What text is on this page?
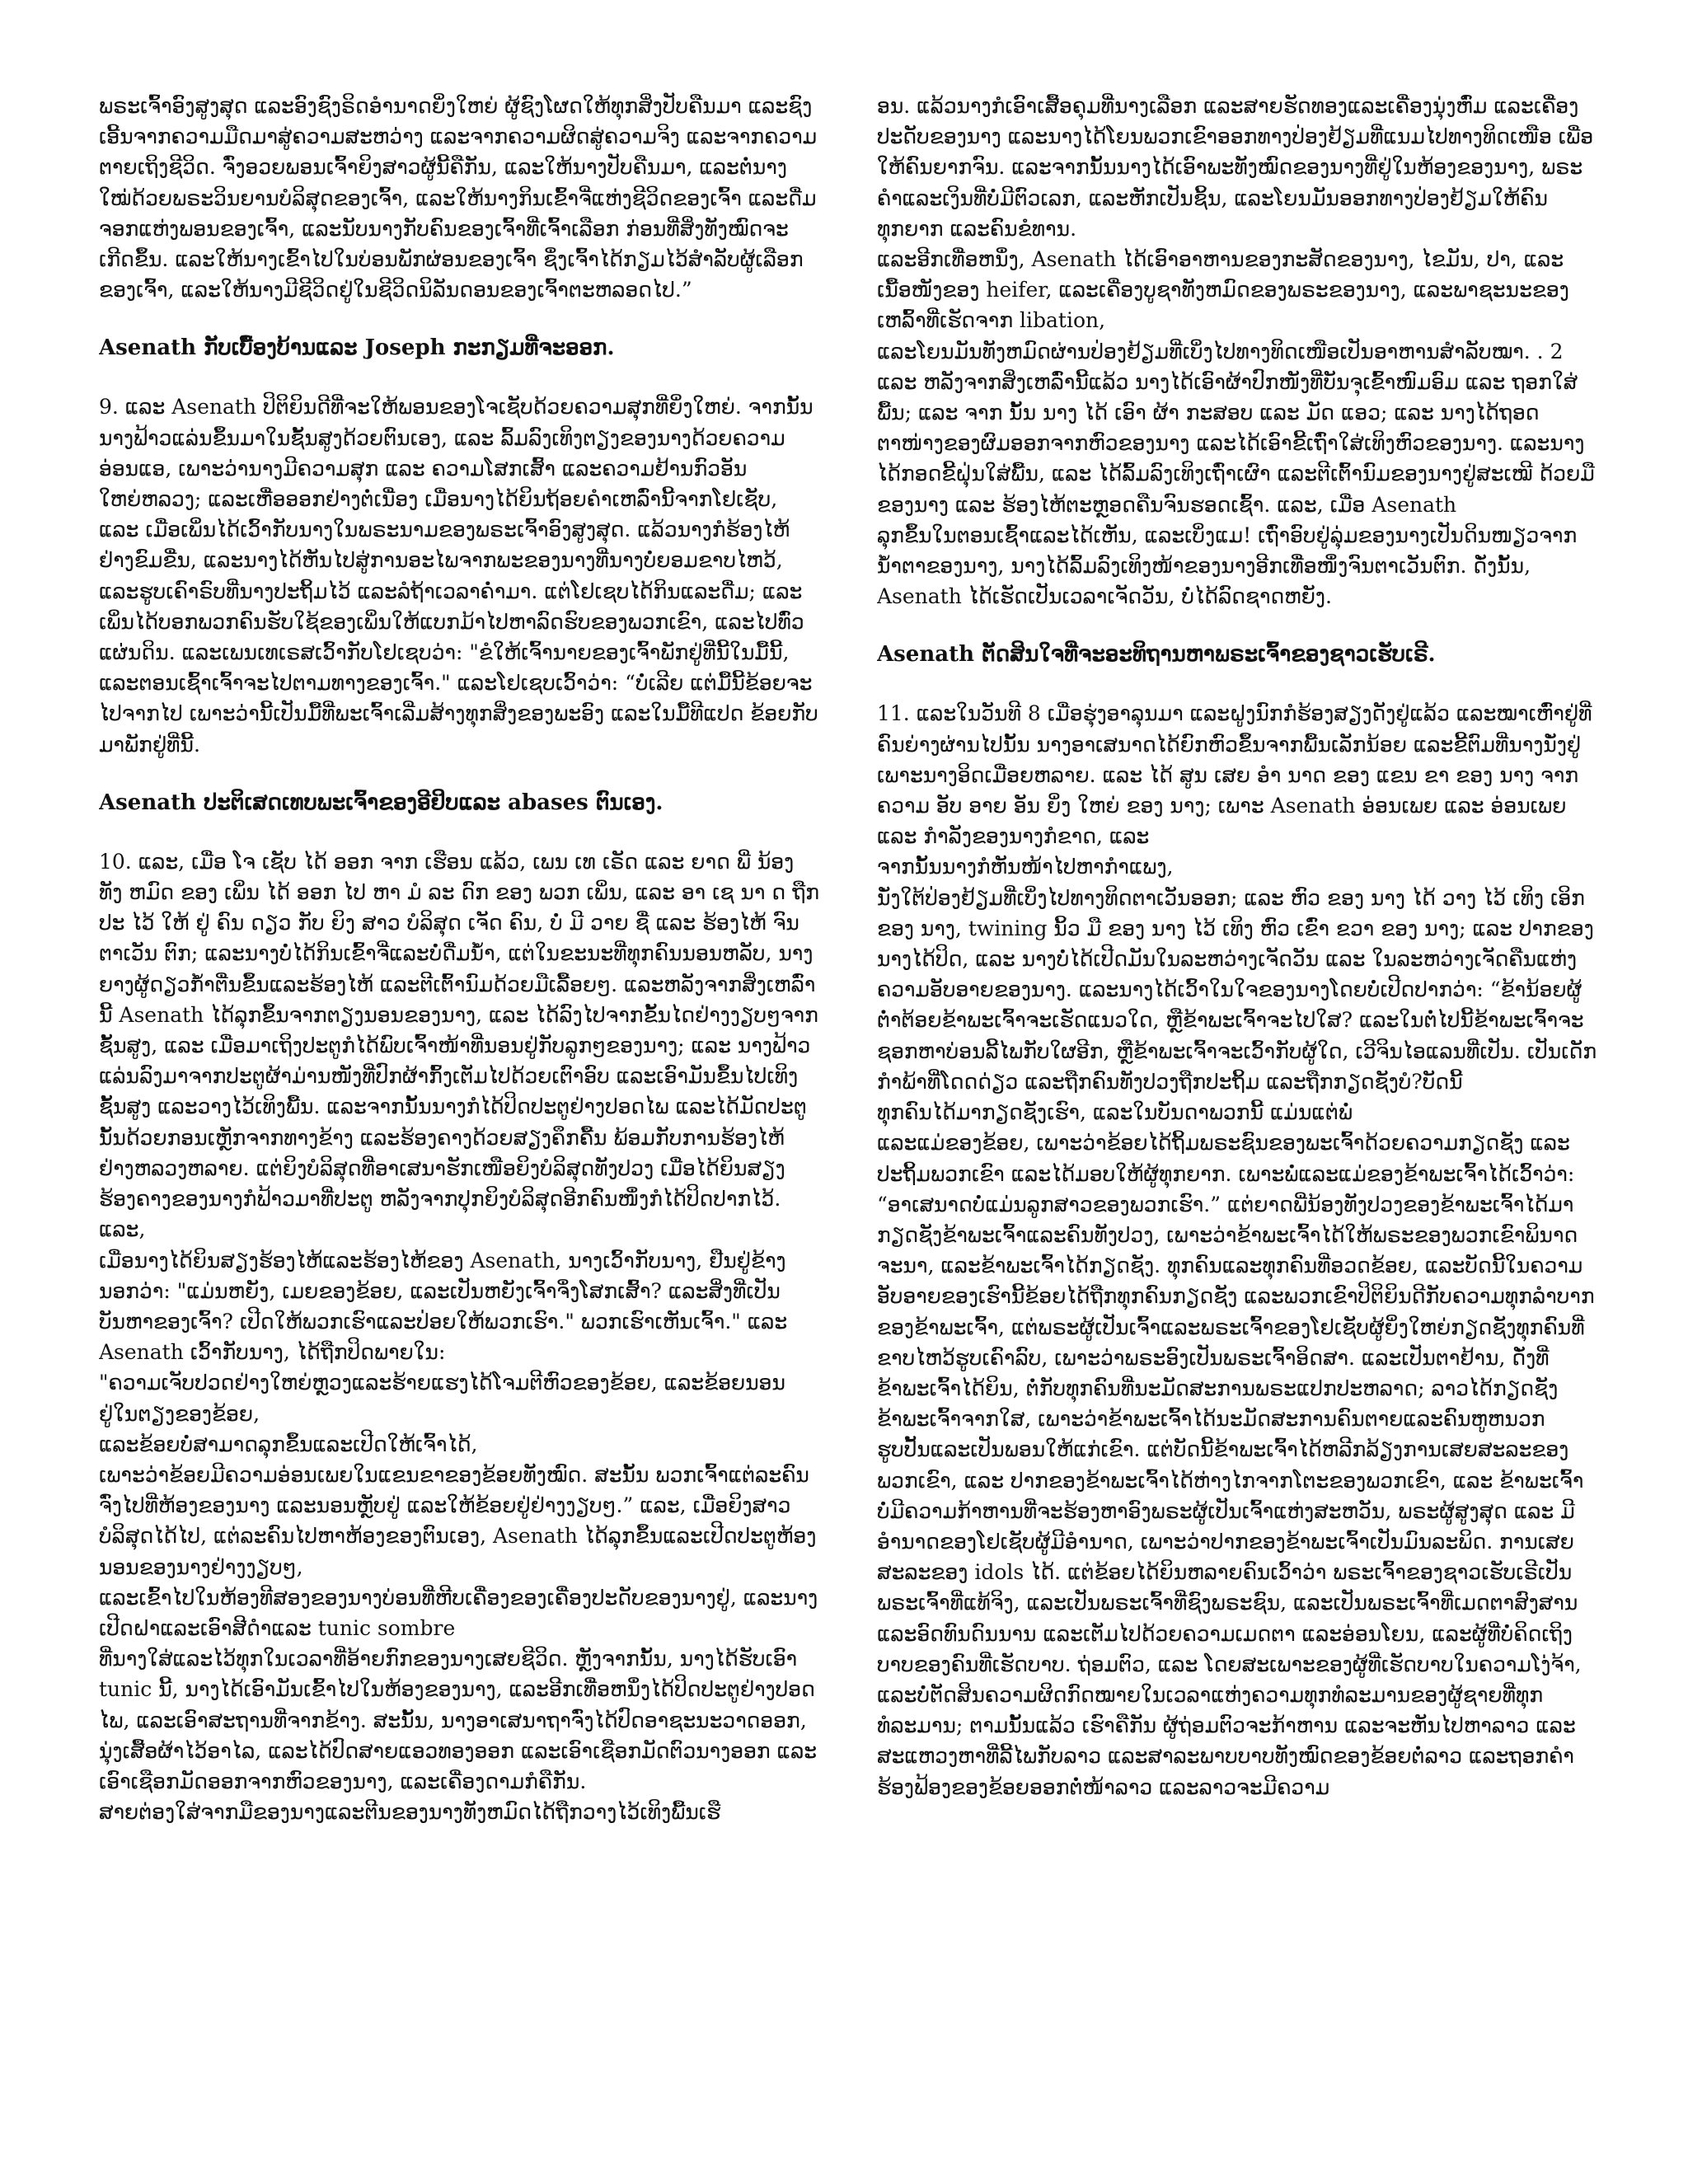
ພຣະເຈົ້າອົງສູງສຸດ ແລະອົງຊົງຣິດອໍານາດຍິ່ງໃຫຍ່ ຜູ້ຊົງໂຜດໃຫ້ທຸກສິ່ງປັບຄືນມາ ແລະຊົງເອີ້ນຈາກຄວາມມືດມາສູ່ຄວາມສະຫວ່າງ ແລະຈາກຄວາມຜິດສູ່ຄວາມຈິງ ແລະຈາກຄວາມຕາຍເຖິງຊີວິດ. ຈົ່ງອວຍພອນເຈົ້າຍິງສາວຜູ້ນີ້ຄືກັນ, ແລະໃຫ້ນາງປັບຄືນມາ, ແລະຕໍ່ນາງໃໝ່ດ້ວຍພຣະວິນຍານບໍລິສຸດຂອງເຈົ້າ, ແລະໃຫ້ນາງກິນເຂົ້າຈີ່ແຫ່ງຊີວິດຂອງເຈົ້າ ແລະດື່ມຈອກແຫ່ງພອນຂອງເຈົ້າ, ແລະນັບນາງກັບຄົນຂອງເຈົ້າທີ່ເຈົ້າເລືອກ ກ່ອນທີ່ສິ່ງທັງໝົດຈະເກີດຂຶ້ນ. ແລະໃຫ້ນາງເຂົ້າໄປໃນບ່ອນພັກຜ່ອນຂອງເຈົ້າ ຊຶ່ງເຈົ້າໄດ້ກຽມໄວ້ສໍາລັບຜູ້ເລືອກຂອງເຈົ້າ, ແລະໃຫ້ນາງມີຊີວິດຢູ່ໃນຊີວິດນິລັນດອນຂອງເຈົ້າຕະຫລອດໄປ.”

Asenath ກັບເບື້ອງບ້ານແລະ Joseph ກະກຽມທີ່ຈະອອກ.

9. ແລະ Asenath ປິຕິຍິນດີທີ່ຈະໃຫ້ພອນຂອງໂຈເຊັບດ້ວຍຄວາມສຸກທີ່ຍິ່ງໃຫຍ່. ຈາກນັ້ນນາງຟ້າວແລ່ນຂຶ້ນມາໃນຊັ້ນສູງດ້ວຍຕົນເອງ, ແລະ ລົ້ມລົງເທິງຕຽງຂອງນາງດ້ວຍຄວາມອ່ອນແອ, ເພາະວ່ານາງມີຄວາມສຸກ ແລະ ຄວາມໂສກເສົ້າ ແລະຄວາມຢ້ານກົວອັນໃຫຍ່ຫລວງ; ແລະເຫື່ອອອກຢ່າງຕໍ່ເນື່ອງ ເມື່ອນາງໄດ້ຍິນຖ້ອຍຄໍາເຫລົ່ານີ້ຈາກໂຢເຊັບ, ແລະ ເມື່ອເພິ່ນໄດ້ເວົ້າກັບນາງໃນພຣະນາມຂອງພຣະເຈົ້າອົງສູງສຸດ. ແລ້ວນາງກໍຮ້ອງໄຫ້ຢ່າງຂົມຂື່ນ, ແລະນາງໄດ້ຫັນໄປສູ່ການອະໄພຈາກພະຂອງນາງທີ່ນາງບໍ່ຍອມຂາບໄຫວ້, ແລະຮູບເຄົາຣົບທີ່ນາງປະຖິ້ມໄວ້ ແລະລໍຖ້າເວລາຄໍ່າມາ. ແຕ່ໂຢເຊບໄດ້ກິນແລະດື່ມ; ແລະ ເພິ່ນໄດ້ບອກພວກຄົນຮັບໃຊ້ຂອງເພິ່ນໃຫ້ແບກມ້າໄປຫາລົດຮົບຂອງພວກເຂົາ, ແລະໄປທົ່ວແຜ່ນດິນ. ແລະເພນເທເຣສເວົ້າກັບໂຢເຊບວ່າ: "ຂໍໃຫ້ເຈົ້ານາຍຂອງເຈົ້າພັກຢູ່ທີ່ນີ້ໃນມື້ນີ້, ແລະຕອນເຊົ້າເຈົ້າຈະໄປຕາມທາງຂອງເຈົ້າ." ແລະໂຢເຊບເວົ້າວ່າ: “ບໍ່ເລີຍ ແຕ່ມື້ນີ້ຂ້ອຍຈະໄປຈາກໄປ ເພາະວ່ານີ້ເປັນມື້ທີ່ພະເຈົ້າເລີ່ມສ້າງທຸກສິ່ງຂອງພະອົງ ແລະໃນມື້ທີແປດ ຂ້ອຍກັບມາພັກຢູ່ທີ່ນີ້.

Asenath ປະຕິເສດເທບພະເຈົ້າຂອງອີຢິບແລະ abases ຕົນເອງ.

10. ແລະ, ເມື່ອ ໂຈ ເຊັບ ໄດ້ ອອກ ຈາກ ເຮືອນ ແລ້ວ, ເພນ ເທ ເຣັດ ແລະ ຍາດ ພີ່ ນ້ອງ ທັງ ຫມົດ ຂອງ ເພິ່ນ ໄດ້ ອອກ ໄປ ຫາ ມໍ ລະ ດົກ ຂອງ ພວກ ເພິ່ນ, ແລະ ອາ ເຊ ນາ ດ ຖືກ ປະ ໄວ້ ໃຫ້ ຢູ່ ຄົນ ດຽວ ກັບ ຍິງ ສາວ ບໍລິສຸດ ເຈັດ ຄົນ, ບໍ່ ມີ ວາຍ ຊື່ ແລະ ຮ້ອງໄຫ້ ຈົນ ຕາເວັນ ຕົກ; ແລະນາງບໍ່ໄດ້ກິນເຂົ້າຈີ່ແລະບໍ່ດື່ມນ້ໍາ, ແຕ່ໃນຂະນະທີ່ທຸກຄົນນອນຫລັບ, ນາງຍາງຜູ້ດຽວກ້ຳຕື່ນຂຶ້ນແລະຮ້ອງໄຫ້ ແລະຕີເຕົ້ານົມດ້ວຍມືເລື້ອຍໆ. ແລະຫລັງຈາກສິ່ງເຫລົ່ານີ້ Asenath ໄດ້ລຸກຂຶ້ນຈາກຕຽງນອນຂອງນາງ, ແລະ ໄດ້ລົງໄປຈາກຂັ້ນໄດຢ່າງງຽບໆຈາກຊັ້ນສູງ, ແລະ ເມື່ອມາເຖິງປະຕູກໍໄດ້ພົບເຈົ້າໜ້າທີ່ນອນຢູ່ກັບລູກໆຂອງນາງ; ແລະ ນາງຟ້າວແລ່ນລົງມາຈາກປະຕູຜ້າມ່ານໜັງທີ່ປົກຜ້າກົ້ງເຕັມໄປດ້ວຍເຕົາອົບ ແລະເອົາມັນຂຶ້ນໄປເທິງຊັ້ນສູງ ແລະວາງໄວ້ເທິງພື້ນ. ແລະຈາກນັ້ນນາງກໍໄດ້ປິດປະຕູຢ່າງປອດໄພ ແລະໄດ້ມັດປະຕູນັ້ນດ້ວຍກອນເຫຼັກຈາກທາງຂ້າງ ແລະຮ້ອງຄາງດ້ວຍສຽງຄຶກຄື້ນ ພ້ອມກັບການຮ້ອງໄຫ້ຢ່າງຫລວງຫລາຍ. ແຕ່ຍິງບໍລິສຸດທີ່ອາເສນາຮັກເໜືອຍິງບໍລິສຸດທັງປວງ ເມື່ອໄດ້ຍິນສຽງຮ້ອງຄາງຂອງນາງກໍຟ້າວມາທີ່ປະຕູ ຫລັງຈາກປຸກຍິງບໍລິສຸດອີກຄົນໜຶ່ງກໍໄດ້ປິດປາກໄວ້. ແລະ,
ເມື່ອນາງໄດ້ຍິນສຽງຮ້ອງໄຫ້ແລະຮ້ອງໄຫ້ຂອງ Asenath, ນາງເວົ້າກັບນາງ, ຢືນຢູ່ຂ້າງນອກວ່າ: "ແມ່ນຫຍັງ, ເມຍຂອງຂ້ອຍ, ແລະເປັນຫຍັງເຈົ້າຈຶ່ງໂສກເສົ້າ? ແລະສິ່ງທີ່ເປັນບັນຫາຂອງເຈົ້າ? ເປີດໃຫ້ພວກເຮົາແລະປ່ອຍໃຫ້ພວກເຮົາ." ພວກເຮົາເຫັນເຈົ້າ." ແລະ Asenath ເວົ້າກັບນາງ, ໄດ້ຖືກປິດພາຍໃນ:
"ຄວາມເຈັບປວດຢ່າງໃຫຍ່ຫຼວງແລະຮ້າຍແຮງໄດ້ໂຈມຕີຫົວຂອງຂ້ອຍ, ແລະຂ້ອຍນອນຢູ່ໃນຕຽງຂອງຂ້ອຍ,
ແລະຂ້ອຍບໍ່ສາມາດລຸກຂຶ້ນແລະເປີດໃຫ້ເຈົ້າໄດ້,
ເພາະວ່າຂ້ອຍມີຄວາມອ່ອນເພຍໃນແຂນຂາຂອງຂ້ອຍທັງໝົດ. ສະນັ້ນ ພວກເຈົ້າແຕ່ລະຄົນຈົ່ງໄປທີ່ຫ້ອງຂອງນາງ ແລະນອນຫຼັບຢູ່ ແລະໃຫ້ຂ້ອຍຢູ່ຢ່າງງຽບໆ.” ແລະ, ເມື່ອຍິງສາວບໍລິສຸດໄດ້ໄປ, ແຕ່ລະຄົນໄປຫາຫ້ອງຂອງຕົນເອງ, Asenath ໄດ້ລຸກຂຶ້ນແລະເປີດປະຕູຫ້ອງນອນຂອງນາງຢ່າງງຽບໆ,
ແລະເຂົ້າໄປໃນຫ້ອງທີສອງຂອງນາງບ່ອນທີ່ຫີບເຄື່ອງຂອງເຄື່ອງປະດັບຂອງນາງຢູ່, ແລະນາງເປີດຝາແລະເອົາສີດຳແລະ tunic sombre
ທີ່ນາງໃສ່ແລະໄວ້ທຸກໃນເວລາທີ່ອ້າຍກົກຂອງນາງເສຍຊີວິດ. ຫຼັງຈາກນັ້ນ, ນາງໄດ້ຮັບເອົາ tunic ນີ້, ນາງໄດ້ເອົາມັນເຂົ້າໄປໃນຫ້ອງຂອງນາງ, ແລະອີກເທື່ອຫນຶ່ງໄດ້ປິດປະຕູຢ່າງປອດໄພ, ແລະເອົາສະຖານທີ່ຈາກຂ້າງ. ສະນັ້ນ, ນາງອາເສນາຖາຈົ່ງໄດ້ປົດອາຊະນະວາດອອກ, ນຸ່ງເສື້ອຜ້າໄວ້ອາໄລ, ແລະໄດ້ປົດສາຍແອວທອງອອກ ແລະເອົາເຊືອກມັດຕົວນາງອອກ ແລະເອົາເຊືອກມັດອອກຈາກຫົວຂອງນາງ, ແລະເຄື່ອງດາມກໍຄືກັນ.
ສາຍຕ່ອງໃສ່ຈາກມືຂອງນາງແລະຕີນຂອງນາງທັງຫມົດໄດ້ຖືກວາງໄວ້ເທິງພື້ນເຮື

ອນ. ແລ້ວນາງກໍເອົາເສື້ອຄຸມທີ່ນາງເລືອກ ແລະສາຍຮັດທອງແລະເຄື່ອງນຸ່ງຫົ່ມ ແລະເຄື່ອງປະດັບຂອງນາງ ແລະນາງໄດ້ໂຍນພວກເຂົາອອກທາງປ່ອງຢ້ຽມທີ່ແນມໄປທາງທິດເໜືອ ເພື່ອໃຫ້ຄົນຍາກຈົນ. ແລະຈາກນັ້ນນາງໄດ້ເອົາພະທັງໝົດຂອງນາງທີ່ຢູ່ໃນຫ້ອງຂອງນາງ, ພຣະຄໍາແລະເງິນທີ່ບໍ່ມີຕົວເລກ, ແລະຫັກເປັນຊິ້ນ, ແລະໂຍນມັນອອກທາງປ່ອງຢ້ຽມໃຫ້ຄົນທຸກຍາກ ແລະຄົນຂໍທານ.
ແລະອີກເທື່ອຫນຶ່ງ, Asenath ໄດ້ເອົາອາຫານຂອງກະສັດຂອງນາງ, ໄຂມັນ, ປາ, ແລະເນື້ອໜັງຂອງ heifer, ແລະເຄື່ອງບູຊາທັງຫມົດຂອງພຣະຂອງນາງ, ແລະພາຊະນະຂອງເຫລົ້າທີ່ເຮັດຈາກ libation,
ແລະໂຍນມັນທັງຫມົດຜ່ານປ່ອງຢ້ຽມທີ່ເບິ່ງໄປທາງທິດເໜືອເປັນອາຫານສໍາລັບໝາ. . 2 ແລະ ຫລັງຈາກສິ່ງເຫລົ່ານີ້ແລ້ວ ນາງໄດ້ເອົາຜ້າປົກໜັງທີ່ບັນຈຸເຂົ້າໜົມອົມ ແລະ ຖອກໃສ່ພື້ນ; ແລະ ຈາກ ນັ້ນ ນາງ ໄດ້ ເອົາ ຜ້າ ກະສອບ ແລະ ມັດ ແອວ; ແລະ ນາງໄດ້ຖອດຕາໜ່າງຂອງຜົມອອກຈາກຫົວຂອງນາງ ແລະໄດ້ເອົາຂີ້ເຖົ່າໃສ່ເທິງຫົວຂອງນາງ. ແລະນາງໄດ້ກອດຂີ້ຝຸ່ນໃສ່ພື້ນ, ແລະ ໄດ້ລົ້ມລົງເທິງເຖົ່າເຜົາ ແລະຕີເຕົ້ານົມຂອງນາງຢູ່ສະເໝີ ດ້ວຍມືຂອງນາງ ແລະ ຮ້ອງໄຫ້ຕະຫຼອດຄືນຈົນຮອດເຊົ້າ. ແລະ, ເມື່ອ Asenath
ລຸກຂຶ້ນໃນຕອນເຊົ້າແລະໄດ້ເຫັນ, ແລະເບິ່ງແມ! ເຖົ່າອົບຢູ່ລຸ່ມຂອງນາງເປັນດິນໜຽວຈາກນໍ້າຕາຂອງນາງ, ນາງໄດ້ລົ້ມລົງເທິງໜ້າຂອງນາງອີກເທື່ອໜຶ່ງຈົນຕາເວັນຕົກ. ດັ່ງນັ້ນ, Asenath ໄດ້ເຮັດເປັນເວລາເຈັດວັນ, ບໍ່ໄດ້ລົດຊາດຫຍັງ.

Asenath ຕັດສິນໃຈທີ່ຈະອະທິຖານຫາພຣະເຈົ້າຂອງຊາວເຮັບເຣີ.

11. ແລະໃນວັນທີ 8 ເມື່ອຮຸ່ງອາລຸນມາ ແລະຝູງນົກກໍຮ້ອງສຽງດັງຢູ່ແລ້ວ ແລະໝາເຫົ່າຢູ່ທີ່ຄົນຍ່າງຜ່ານໄປນັ້ນ ນາງອາເສນາດໄດ້ຍົກຫົວຂຶ້ນຈາກພື້ນເລັກນ້ອຍ ແລະຂີ້ຕົມທີ່ນາງນັ່ງຢູ່ ເພາະນາງອິດເມື່ອຍຫລາຍ. ແລະ ໄດ້ ສູນ ເສຍ ອຳ ນາດ ຂອງ ແຂນ ຂາ ຂອງ ນາງ ຈາກ ຄວາມ ອັບ ອາຍ ອັນ ຍິ່ງ ໃຫຍ່ ຂອງ ນາງ; ເພາະ Asenath ອ່ອນເພຍ ແລະ ອ່ອນເພຍ ແລະ ກຳລັງຂອງນາງກໍຂາດ, ແລະ
ຈາກນັ້ນນາງກໍຫັນໜ້າໄປຫາກຳແພງ,
ນັ່ງໃຕ້ປ່ອງຢ້ຽມທີ່ເບິ່ງໄປທາງທິດຕາເວັນອອກ; ແລະ ຫົວ ຂອງ ນາງ ໄດ້ ວາງ ໄວ້ ເທິງ ເອິກ ຂອງ ນາງ, twining ນິ້ວ ມື ຂອງ ນາງ ໄວ້ ເທິງ ຫົວ ເຂົ່າ ຂວາ ຂອງ ນາງ; ແລະ ປາກຂອງນາງໄດ້ປິດ, ແລະ ນາງບໍ່ໄດ້ເປີດມັນໃນລະຫວ່າງເຈັດວັນ ແລະ ໃນລະຫວ່າງເຈັດຄືນແຫ່ງຄວາມອັບອາຍຂອງນາງ. ແລະນາງໄດ້ເວົ້າໃນໃຈຂອງນາງໂດຍບໍ່ເປີດປາກວ່າ: “ຂ້ານ້ອຍຜູ້ຕໍ່າຕ້ອຍຂ້າພະເຈົ້າຈະເຮັດແນວໃດ, ຫຼືຂ້າພະເຈົ້າຈະໄປໃສ? ແລະໃນຕໍ່ໄປນີ້ຂ້າພະເຈົ້າຈະຊອກຫາບ່ອນລີ້ໄພກັບໃຜອີກ, ຫຼືຂ້າພະເຈົ້າຈະເວົ້າກັບຜູ້ໃດ, ເວີຈິນໄອແລນທີ່ເປັນ. ເປັນເດັກກຳພ້າທີ່ໂດດດ່ຽວ ແລະຖືກຄົນທັງປວງຖືກປະຖິ້ມ ແລະຖືກກຽດຊັງບໍ?ບັດນີ້
ທຸກຄົນໄດ້ມາກຽດຊັງເຮົາ, ແລະໃນບັນດາພວກນີ້ ແມ່ນແຕ່ພໍ່
ແລະແມ່ຂອງຂ້ອຍ, ເພາະວ່າຂ້ອຍໄດ້ຖິ້ມພຣະຊົນຂອງພະເຈົ້າດ້ວຍຄວາມກຽດຊັງ ແລະປະຖິ້ມພວກເຂົາ ແລະໄດ້ມອບໃຫ້ຜູ້ທຸກຍາກ. ເພາະພໍ່ແລະແມ່ຂອງຂ້າພະເຈົ້າໄດ້ເວົ້າວ່າ: “ອາເສນາດບໍ່ແມ່ນລູກສາວຂອງພວກເຮົາ.” ແຕ່ຍາດພີ່ນ້ອງທັງປວງຂອງຂ້າພະເຈົ້າໄດ້ມາກຽດຊັງຂ້າພະເຈົ້າແລະຄົນທັງປວງ, ເພາະວ່າຂ້າພະເຈົ້າໄດ້ໃຫ້ພຣະຂອງພວກເຂົາພິນາດຈະນາ, ແລະຂ້າພະເຈົ້າໄດ້ກຽດຊັງ. ທຸກຄົນແລະທຸກຄົນທີ່ອວດຂ້ອຍ, ແລະບັດນີ້ໃນຄວາມອັບອາຍຂອງເຮົານີ້ຂ້ອຍໄດ້ຖືກທຸກຄົນກຽດຊັງ ແລະພວກເຂົາປິຕິຍິນດີກັບຄວາມທຸກລໍາບາກຂອງຂ້າພະເຈົ້າ, ແຕ່ພຣະຜູ້ເປັນເຈົ້າແລະພຣະເຈົ້າຂອງໂຢເຊັບຜູ້ຍິ່ງໃຫຍ່ກຽດຊັງທຸກຄົນທີ່ຂາບໄຫວ້ຮູບເຄົາລົບ, ເພາະວ່າພຣະອົງເປັນພຣະເຈົ້າອິດສາ. ແລະເປັນຕາຢ້ານ, ດັ່ງທີ່ຂ້າພະເຈົ້າໄດ້ຍິນ, ຕໍ່ກັບທຸກຄົນທີ່ນະມັດສະການພຣະແປກປະຫລາດ; ລາວໄດ້ກຽດຊັງຂ້າພະເຈົ້າຈາກໃສ, ເພາະວ່າຂ້າພະເຈົ້າໄດ້ນະມັດສະການຄົນຕາຍແລະຄົນຫູຫນວກຮູບປັ້ນແລະເປັນພອນໃຫ້ແກ່ເຂົາ. ແຕ່ບັດນີ້ຂ້າພະເຈົ້າໄດ້ຫລີກລ້ຽງການເສຍສະລະຂອງພວກເຂົາ, ແລະ ປາກຂອງຂ້າພະເຈົ້າໄດ້ຫ່າງໄກຈາກໂຕະຂອງພວກເຂົາ, ແລະ ຂ້າພະເຈົ້າບໍ່ມີຄວາມກ້າຫານທີ່ຈະຮ້ອງຫາອົງພຣະຜູ້ເປັນເຈົ້າແຫ່ງສະຫວັນ, ພຣະຜູ້ສູງສຸດ ແລະ ມີອໍານາດຂອງໂຢເຊັບຜູ້ມີອໍານາດ, ເພາະວ່າປາກຂອງຂ້າພະເຈົ້າເປັນມົນລະພິດ. ການເສຍສະລະຂອງ idols ໄດ້. ແຕ່ຂ້ອຍໄດ້ຍິນຫລາຍຄົນເວົ້າວ່າ ພຣະເຈົ້າຂອງຊາວເຮັບເຣີເປັນພຣະເຈົ້າທີ່ແທ້ຈິງ, ແລະເປັນພຣະເຈົ້າທີ່ຊົງພຣະຊົນ, ແລະເປັນພຣະເຈົ້າທີ່ເມດຕາສົງສານ ແລະອົດທົນດົນນານ ແລະເຕັມໄປດ້ວຍຄວາມເມດຕາ ແລະອ່ອນໂຍນ, ແລະຜູ້ທີ່ບໍ່ຄິດເຖິງບາບຂອງຄົນທີ່ເຮັດບາບ. ຖ່ອມຕົວ, ແລະ ໂດຍສະເພາະຂອງຜູ້ທີ່ເຮັດບາບໃນຄວາມໂງ່ຈ້າ, ແລະບໍ່ຕັດສິນຄວາມຜິດກົດໝາຍໃນເວລາແຫ່ງຄວາມທຸກທໍລະມານຂອງຜູ້ຊາຍທີ່ທຸກທໍລະມານ; ຕາມນັ້ນແລ້ວ ເຮົາຄືກັນ ຜູ້ຖ່ອມຕົວຈະກ້າຫານ ແລະຈະຫັນໄປຫາລາວ ແລະສະແຫວງຫາທີ່ລີ້ໄພກັບລາວ ແລະສາລະພາບບາບທັງໝົດຂອງຂ້ອຍຕໍ່ລາວ ແລະຖອກຄໍາຮ້ອງຟ້ອງຂອງຂ້ອຍອອກຕໍ່ໜ້າລາວ ແລະລາວຈະມີຄວາມ
